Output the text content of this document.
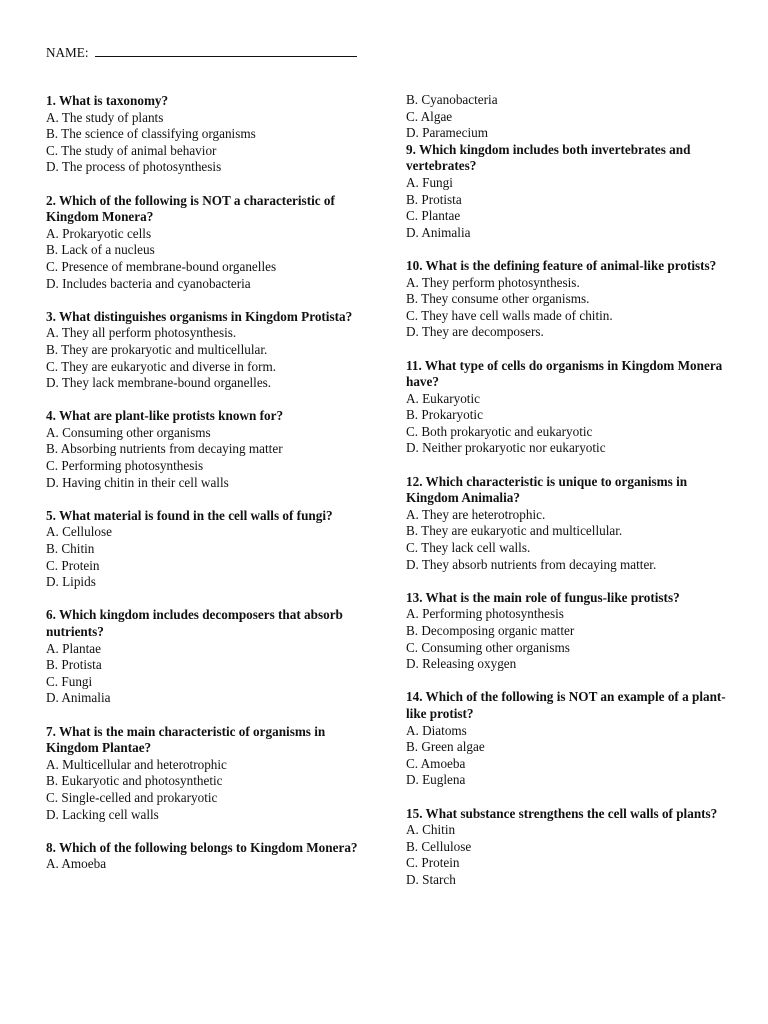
NAME:
1. What is taxonomy?
A. The study of plants
B. The science of classifying organisms
C. The study of animal behavior
D. The process of photosynthesis
2. Which of the following is NOT a characteristic of Kingdom Monera?
A. Prokaryotic cells
B. Lack of a nucleus
C. Presence of membrane-bound organelles
D. Includes bacteria and cyanobacteria
3. What distinguishes organisms in Kingdom Protista?
A. They all perform photosynthesis.
B. They are prokaryotic and multicellular.
C. They are eukaryotic and diverse in form.
D. They lack membrane-bound organelles.
4. What are plant-like protists known for?
A. Consuming other organisms
B. Absorbing nutrients from decaying matter
C. Performing photosynthesis
D. Having chitin in their cell walls
5. What material is found in the cell walls of fungi?
A. Cellulose
B. Chitin
C. Protein
D. Lipids
6. Which kingdom includes decomposers that absorb nutrients?
A. Plantae
B. Protista
C. Fungi
D. Animalia
7. What is the main characteristic of organisms in Kingdom Plantae?
A. Multicellular and heterotrophic
B. Eukaryotic and photosynthetic
C. Single-celled and prokaryotic
D. Lacking cell walls
8. Which of the following belongs to Kingdom Monera?
A. Amoeba
B. Cyanobacteria
C. Algae
D. Paramecium
9. Which kingdom includes both invertebrates and vertebrates?
A. Fungi
B. Protista
C. Plantae
D. Animalia
10. What is the defining feature of animal-like protists?
A. They perform photosynthesis.
B. They consume other organisms.
C. They have cell walls made of chitin.
D. They are decomposers.
11. What type of cells do organisms in Kingdom Monera have?
A. Eukaryotic
B. Prokaryotic
C. Both prokaryotic and eukaryotic
D. Neither prokaryotic nor eukaryotic
12. Which characteristic is unique to organisms in Kingdom Animalia?
A. They are heterotrophic.
B. They are eukaryotic and multicellular.
C. They lack cell walls.
D. They absorb nutrients from decaying matter.
13. What is the main role of fungus-like protists?
A. Performing photosynthesis
B. Decomposing organic matter
C. Consuming other organisms
D. Releasing oxygen
14. Which of the following is NOT an example of a plant-like protist?
A. Diatoms
B. Green algae
C. Amoeba
D. Euglena
15. What substance strengthens the cell walls of plants?
A. Chitin
B. Cellulose
C. Protein
D. Starch
